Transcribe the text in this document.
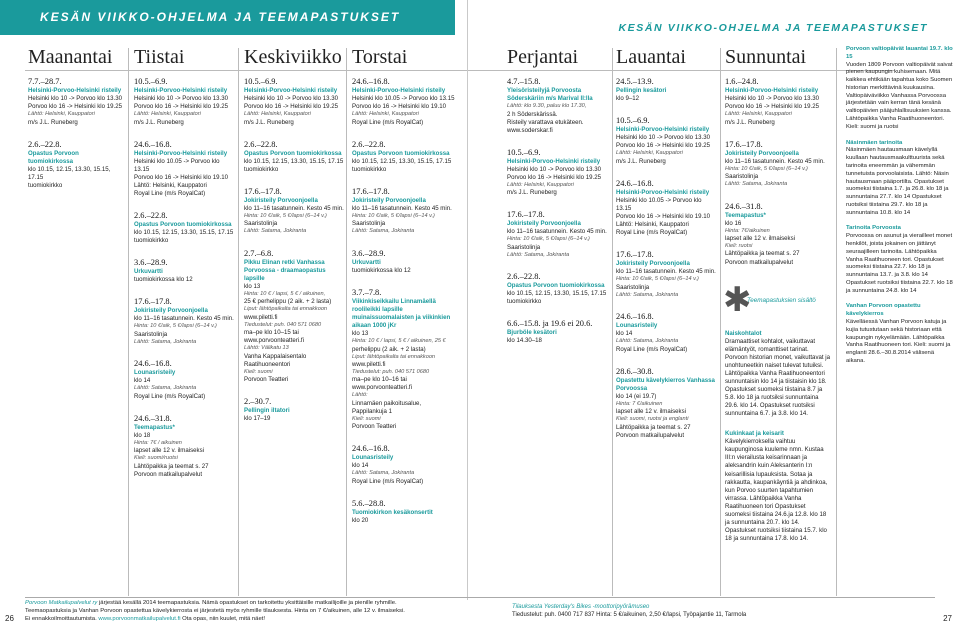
KESÄN VIIKKO-OHJELMA JA TEEMAPASTUKSET
KESÄN VIIKKO-OHJELMA JA TEEMAPASTUKSET
Maanantai Tiistai	Keskiviikko Torstai	Perjantai Lauantai Sunnuntai
7.7.–28.7.
Helsinki-Porvoo-Helsinki risteily
Helsinki klo 10 -> Porvoo klo 13.30
Porvoo klo 16 -> Helsinki klo 19.25
Lähtö: Helsinki, Kauppatori
m/s J.L. Runeberg
2.6.–22.8.
Opastus Porvoon tuomiokirkossa
klo 10.15, 12.15, 13.30, 15.15, 17.15
tuomiokirkko
10.5.–6.9.
Helsinki-Porvoo-Helsinki risteily
Helsinki klo 10 -> Porvoo klo 13.30
Porvoo klo 16 -> Helsinki klo 19.25
Lähtö: Helsinki, Kauppatori
m/s J.L. Runeberg
24.6.–16.8.
Helsinki-Porvoo-Helsinki risteily
Helsinki klo 10.05 -> Porvoo klo 13.15
Porvoo klo 16 -> Helsinki klo 19.10
Lähtö: Helsinki, Kauppatori
Royal Line (m/s RoyalCat)
2.6.–22.8.
Opastus Porvoon tuomiokirkossa
klo 10.15, 12.15, 13.30, 15.15, 17.15
tuomiokirkko
3.6.–28.9.
Urkuvartti
tuomiokirkossa klo 12
17.6.–17.8.
Jokiristeily Porvoonjoella
klo 11–16 tasatunnein. Kesto 45 min.
Hinta: 10 €/aik, 5 €/lapsi (6–14 v.)
Saaristolinja
Lähtö: Satama, Jokiranta
24.6.–16.8.
Lounasristeily
klo 14
Lähtö: Satama, Jokiranta
Royal Line (m/s RoyalCat)
24.6.–31.8.
Teemapastus*
klo 18
Hinta: 7€ / aikuinen
lapset alle 12 v. ilmaiseksi
Kieli: suomi/ruotsi
Lähtöpaikka ja teemat s. 27
Porvoon matkailupalvelut
10.5.–6.9.
Helsinki-Porvoo-Helsinki risteily
Helsinki klo 10 -> Porvoo klo 13.30
Porvoo klo 16 -> Helsinki klo 19.25
Lähtö: Helsinki, Kauppatori
m/s J.L. Runeberg
2.6.–22.8.
Opastus Porvoon tuomiokirkossa
klo 10.15, 12.15, 13.30, 15.15, 17.15
tuomiokirkko
17.6.–17.8.
Jokiristeily Porvoonjoella
klo 11–16 tasatunnein. Kesto 45 min.
Hinta: 10 €/aik, 5 €/lapsi (6–14 v.)
Saaristolinja
Lähtö: Satama, Jokiranta
2.7.–6.8.
Pikku Elinan retki Vanhassa Porvoossa - draamaopastus lapsille
klo 13
Hinta: 10 € / lapsi, 5 € / aikuinen,
25 € perhelippu (2 aik. + 2 lasta)
Liput: lähtöpaikalta tai ennakkoon
www.piletti.fi
Tiedustelut: puh. 040 571 0680
ma–pe klo 10–15 tai
www.porvoonteatteri.fi
Lähtö: Välikatu 13
Vanha Kappalaisentalo
Raatihuoneentori
Kieli: suomi
Porvoon Teatteri
2.–30.7.
Pellingin iltatori
klo 17–19
24.6.–16.8.
Helsinki-Porvoo-Helsinki risteily
Helsinki klo 10.05 -> Porvoo klo 13.15
Porvoo klo 16 -> Helsinki klo 19.10
Lähtö: Helsinki, Kauppatori
Royal Line (m/s RoyalCat)
2.6.–22.8.
Opastus Porvoon tuomiokirkossa
klo 10.15, 12.15, 13.30, 15.15, 17.15
tuomiokirkko
17.6.–17.8.
Jokiristeily Porvoonjoella
klo 11–16 tasatunnein. Kesto 45 min.
Hinta: 10 €/aik, 5 €/lapsi (6–14 v.)
Saaristolinja
Lähtö: Satama, Jokiranta
3.6.–28.9.
Urkuvartti
tuomiokirkossa klo 12
3.7.–7.8.
Viikinkiseikkailu Linnamäellä roolileikki lapsille muinaissuomalaisten ja viikinkien aikaan 1000 jKr
klo 13
Hinta: 10 € / lapsi, 5 € / aikuinen, 25 €
perhelippu (2 aik. + 2 lasta)
Liput: lähtöpaikalta tai ennakkoon
www.piletti.fi
Tiedustelut: puh. 040 571 0680
ma–pe klo 10–16 tai
www.porvoonteatteri.fi
Lähtö:
Linnamäen paikoitusalue,
Pappilankuja 1
Kieli: suomi
Porvoon Teatteri
24.6.–16.8.
Lounasristeily
klo 14
Lähtö: Satama, Jokiranta
Royal Line (m/s RoyalCat)
5.6.–28.8.
Tuomiokirkon kesäkonsertit
klo 20
4.7.–15.8.
Yleisöristeilyjä Porvoosta Söderskäriin m/s Marival II:lla
Lähtö: klo 9.30, paluu klo 17.30,
2 h Söderskärissä.
Risteily varattava etukäteen.
www.soderskar.fi
10.5.–6.9.
Helsinki-Porvoo-Helsinki risteily
Helsinki klo 10 -> Porvoo klo 13.30
Porvoo klo 16 -> Helsinki klo 19.25
Lähtö: Helsinki, Kauppatori
m/s J.L. Runeberg
17.6.–17.8.
Jokiristeily Porvoonjoella
klo 11–16 tasatunnein. Kesto 45 min.
Hinta: 10 €/aik, 5 €/lapsi (6–14 v.)
Saaristolinja
Lähtö: Satama, Jokiranta
2.6.–22.8.
Opastus Porvoon tuomiokirkossa
klo 10.15, 12.15, 13.30, 15.15, 17.15
tuomiokirkko
6.6.–15.8. ja 19.6 ei 20.6.
Bjurböle kesätori
klo 14.30–18
24.5.–13.9.
Pellingin kesätori
klo 9–12
10.5.–6.9.
Helsinki-Porvoo-Helsinki risteily
Helsinki klo 10 -> Porvoo klo 13.30
Porvoo klo 16 -> Helsinki klo 19.25
Lähtö: Helsinki, Kauppatori
m/s J.L. Runeberg
24.6.–16.8.
Helsinki-Porvoo-Helsinki risteily
Helsinki klo 10.05 -> Porvoo klo 13.15
Porvoo klo 16 -> Helsinki klo 19.10
Lähtö: Helsinki, Kauppatori
Royal Line (m/s RoyalCat)
17.6.–17.8.
Jokiristeily Porvoonjoella
klo 11–16 tasatunnein. Kesto 45 min.
Hinta: 10 €/aik, 5 €/lapsi (6–14 v.)
Saaristolinja
Lähtö: Satama, Jokiranta
24.6.–16.8.
Lounasristeily
klo 14
Lähtö: Satama, Jokiranta
Royal Line (m/s RoyalCat)
28.6.–30.8.
Opastettu kävelykierros Vanhassa Porvoossa
klo 14 (ei 19.7)
Hinta: 7 €/aikuinen
lapset alle 12 v. ilmaiseksi
Kieli: suomi, ruotsi ja englanti
Lähtöpaikka ja teemat s. 27
Porvoon matkailupalvelut
1.6.–24.8.
Helsinki-Porvoo-Helsinki risteily
Helsinki klo 10 -> Porvoo klo 13.30
Porvoo klo 16 -> Helsinki klo 19.25
Lähtö: Helsinki, Kauppatori
m/s J.L. Runeberg
17.6.–17.8.
Jokiristeily Porvoonjoella
klo 11–16 tasatunnein. Kesto 45 min.
Hinta: 10 €/aik, 5 €/lapsi (6–14 v.)
Saaristolinja
Lähtö: Satama, Jokiranta
24.6.–31.8.
Teemapastus*
klo 16
Hinta: 7€/aikuinen
lapset alle 12 v. ilmaiseksi
Kieli: ruotsi
Lähtöpaikka ja teemat s. 27
Porvoon matkailupalvelut
✱
Teemapastuksien sisältö
Naiskohtalot
Dramaattiset kohtalot, vaikuttavat elämäntyöt, romanttiset tarinat. Porvoon historian monet, vaikuttavat ja unohtuneetkin naiset tulevat tutuiksi. Lähtöpaikka Vanha Raatihuoneentori sunnuntaisin klo 14 ja tiistaisin klo 18. Opastukset suomeksi tiistaina 8.7 ja 5.8. klo 18 ja ruotsiksi sunnuntaina 29.6. klo 14. Opastukset ruotsiksi sunnuntaina 6.7. ja 3.8. klo 14.
Kukinkaat ja keisarit
Kävelykierroksella vaihtuu kaupunginosa kuuleme nmn. Kustaa III:n vierailusta keisarinnaan ja aleksandrin kuin Aleksanterin I:n keisarillisia lupauksista. Sotaa ja rakkautta, kaupankäyntiä ja ahdinkoa, kun Porvoo suurten tapahtumien virrassa. Lähtöpaikka Vanha Raatihuoneen tori Opastukset suomeksi tiistaina 24.6.ja 12.8. klo 18 ja sunnuntaina 20.7. klo 14. Opastukset ruotsiksi tiistaina 15.7. klo 18 ja sunnuntaina 17.8. klo 14.
Porvoon valtiopäivät lauantai 19.7. klo 15
Vuoden 1809 Porvoon valtiopäivät saivat pienen kaupungin kuhisemaan. Mitä kaikkea ehtikään tapahtua koko Suomen historian merkittävinä kuukausina. Valtiopäiväviikko Vanhassa Porvoossa järjestetään vain kerran tänä kesänä valtiopäivien pääjuhlallisuuksien kanssa. Lähtöpaikka Vanha Raatihuoneentori. Kieli: suomi ja ruotsi
Näsinmäen tarinoita
Näsinmäen hautausmaan kävelyllä kuullaan hautausmaakulttuurista sekä tarinoita eneemmän ja vähemmän tunnetuista porvoolaisista. Lähtö: Näsin hautausmaan pääportilta. Opastukset suomeksi tiistaina 1.7. ja 26.8. klo 18 ja sunnuntaina 27.7. klo 14 Opastukset ruotsiksi tiistaina 29.7. klo 18 ja sunnuntaina 10.8. klo 14
Tarinoita Porvoosta
Porvoossa on asunut ja vierailleet monet henkilöt, joista jokainen on jättänyt seuraajilleen tarinoita. Lähtöpaikka Vanha Raatihuoneen tori. Opastukset suomeksi tiistaina 22.7. klo 18 ja sunnuntaina 13.7. ja 3.8. klo 14 Opastukset ruotsiksi tiistaina 22.7. klo 18 ja sunnuntaina 24.8. klo 14
Vanhan Porvoon opastettu kävelykierros
Kävelläessä Vanhan Porvoon katuja ja kujia tutustutaan sekä historiaan että kaupungin nykyelämään. Lähtöpaikka Vanha Raatihuoneen tori. Kieli: suomi ja englanti 28.6.–30.8.2014 välisenä aikana.
Porvoon Matkailupalvelut ry järjestää kesällä 2014 teemapastuksia. Nämä opastukset on tarkoitettu yksittäisille matkailijoille ja pienille ryhmille.
Teemaopastuksia ja Vanhan Porvoon opastettua kävelykierrosta ei järjestetä myös ryhmille tilauksesta. Hinta on 7 €/aikuinen, alle 12 v. ilmaiseksi.
Ei ennakkoilmoittautumista. www.porvoonmatkailupalvelut.fi Ota opas, niin kuulet, mitä näet!
Tilauksesta Yesterday's Bikes -moottoripyörämuseo
Tiedustelut: puh. 0400 717 837 Hinta: 5 €/aikuinen, 2,50 €/lapsi, Työpajantie 11, Tarmola
26	27
